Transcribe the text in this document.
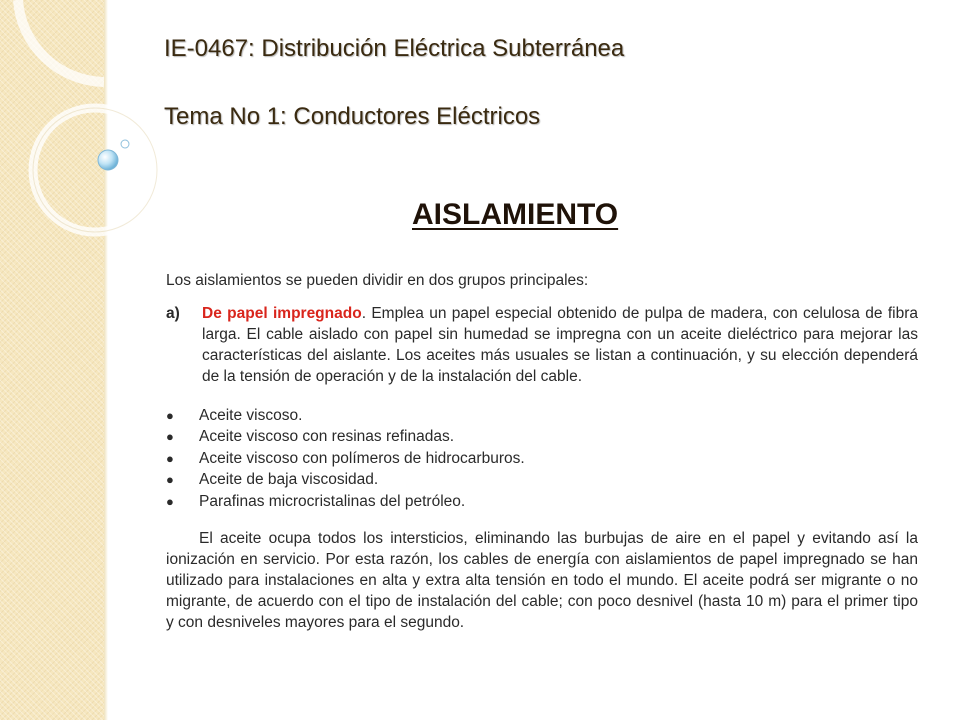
IE-0467: Distribución Eléctrica Subterránea
Tema No 1: Conductores Eléctricos
AISLAMIENTO

Los aislamientos se pueden dividir en dos grupos principales:

a)	De papel impregnado. Emplea un papel especial obtenido de pulpa de madera, con celulosa de fibra larga. El cable aislado con papel sin humedad se impregna con un aceite dieléctrico para mejorar las características del aislante. Los aceites más usuales se listan a continuación, y su elección dependerá de la tensión de operación y de la instalación del cable.
●	Aceite viscoso.
●	Aceite viscoso con resinas refinadas.
●	Aceite viscoso con polímeros de hidrocarburos.
●	Aceite de baja viscosidad.
●	Parafinas microcristalinas del petróleo.

El aceite ocupa todos los intersticios, eliminando las burbujas de aire en el papel y evitando así la ionización en servicio. Por esta razón, los cables de energía con aislamientos de papel impregnado se han utilizado para instalaciones en alta y extra alta tensión en todo el mundo. El aceite podrá ser migrante o no migrante, de acuerdo con el tipo de instalación del cable; con poco desnivel (hasta 10 m) para el primer tipo y con desniveles mayores para el segundo.
